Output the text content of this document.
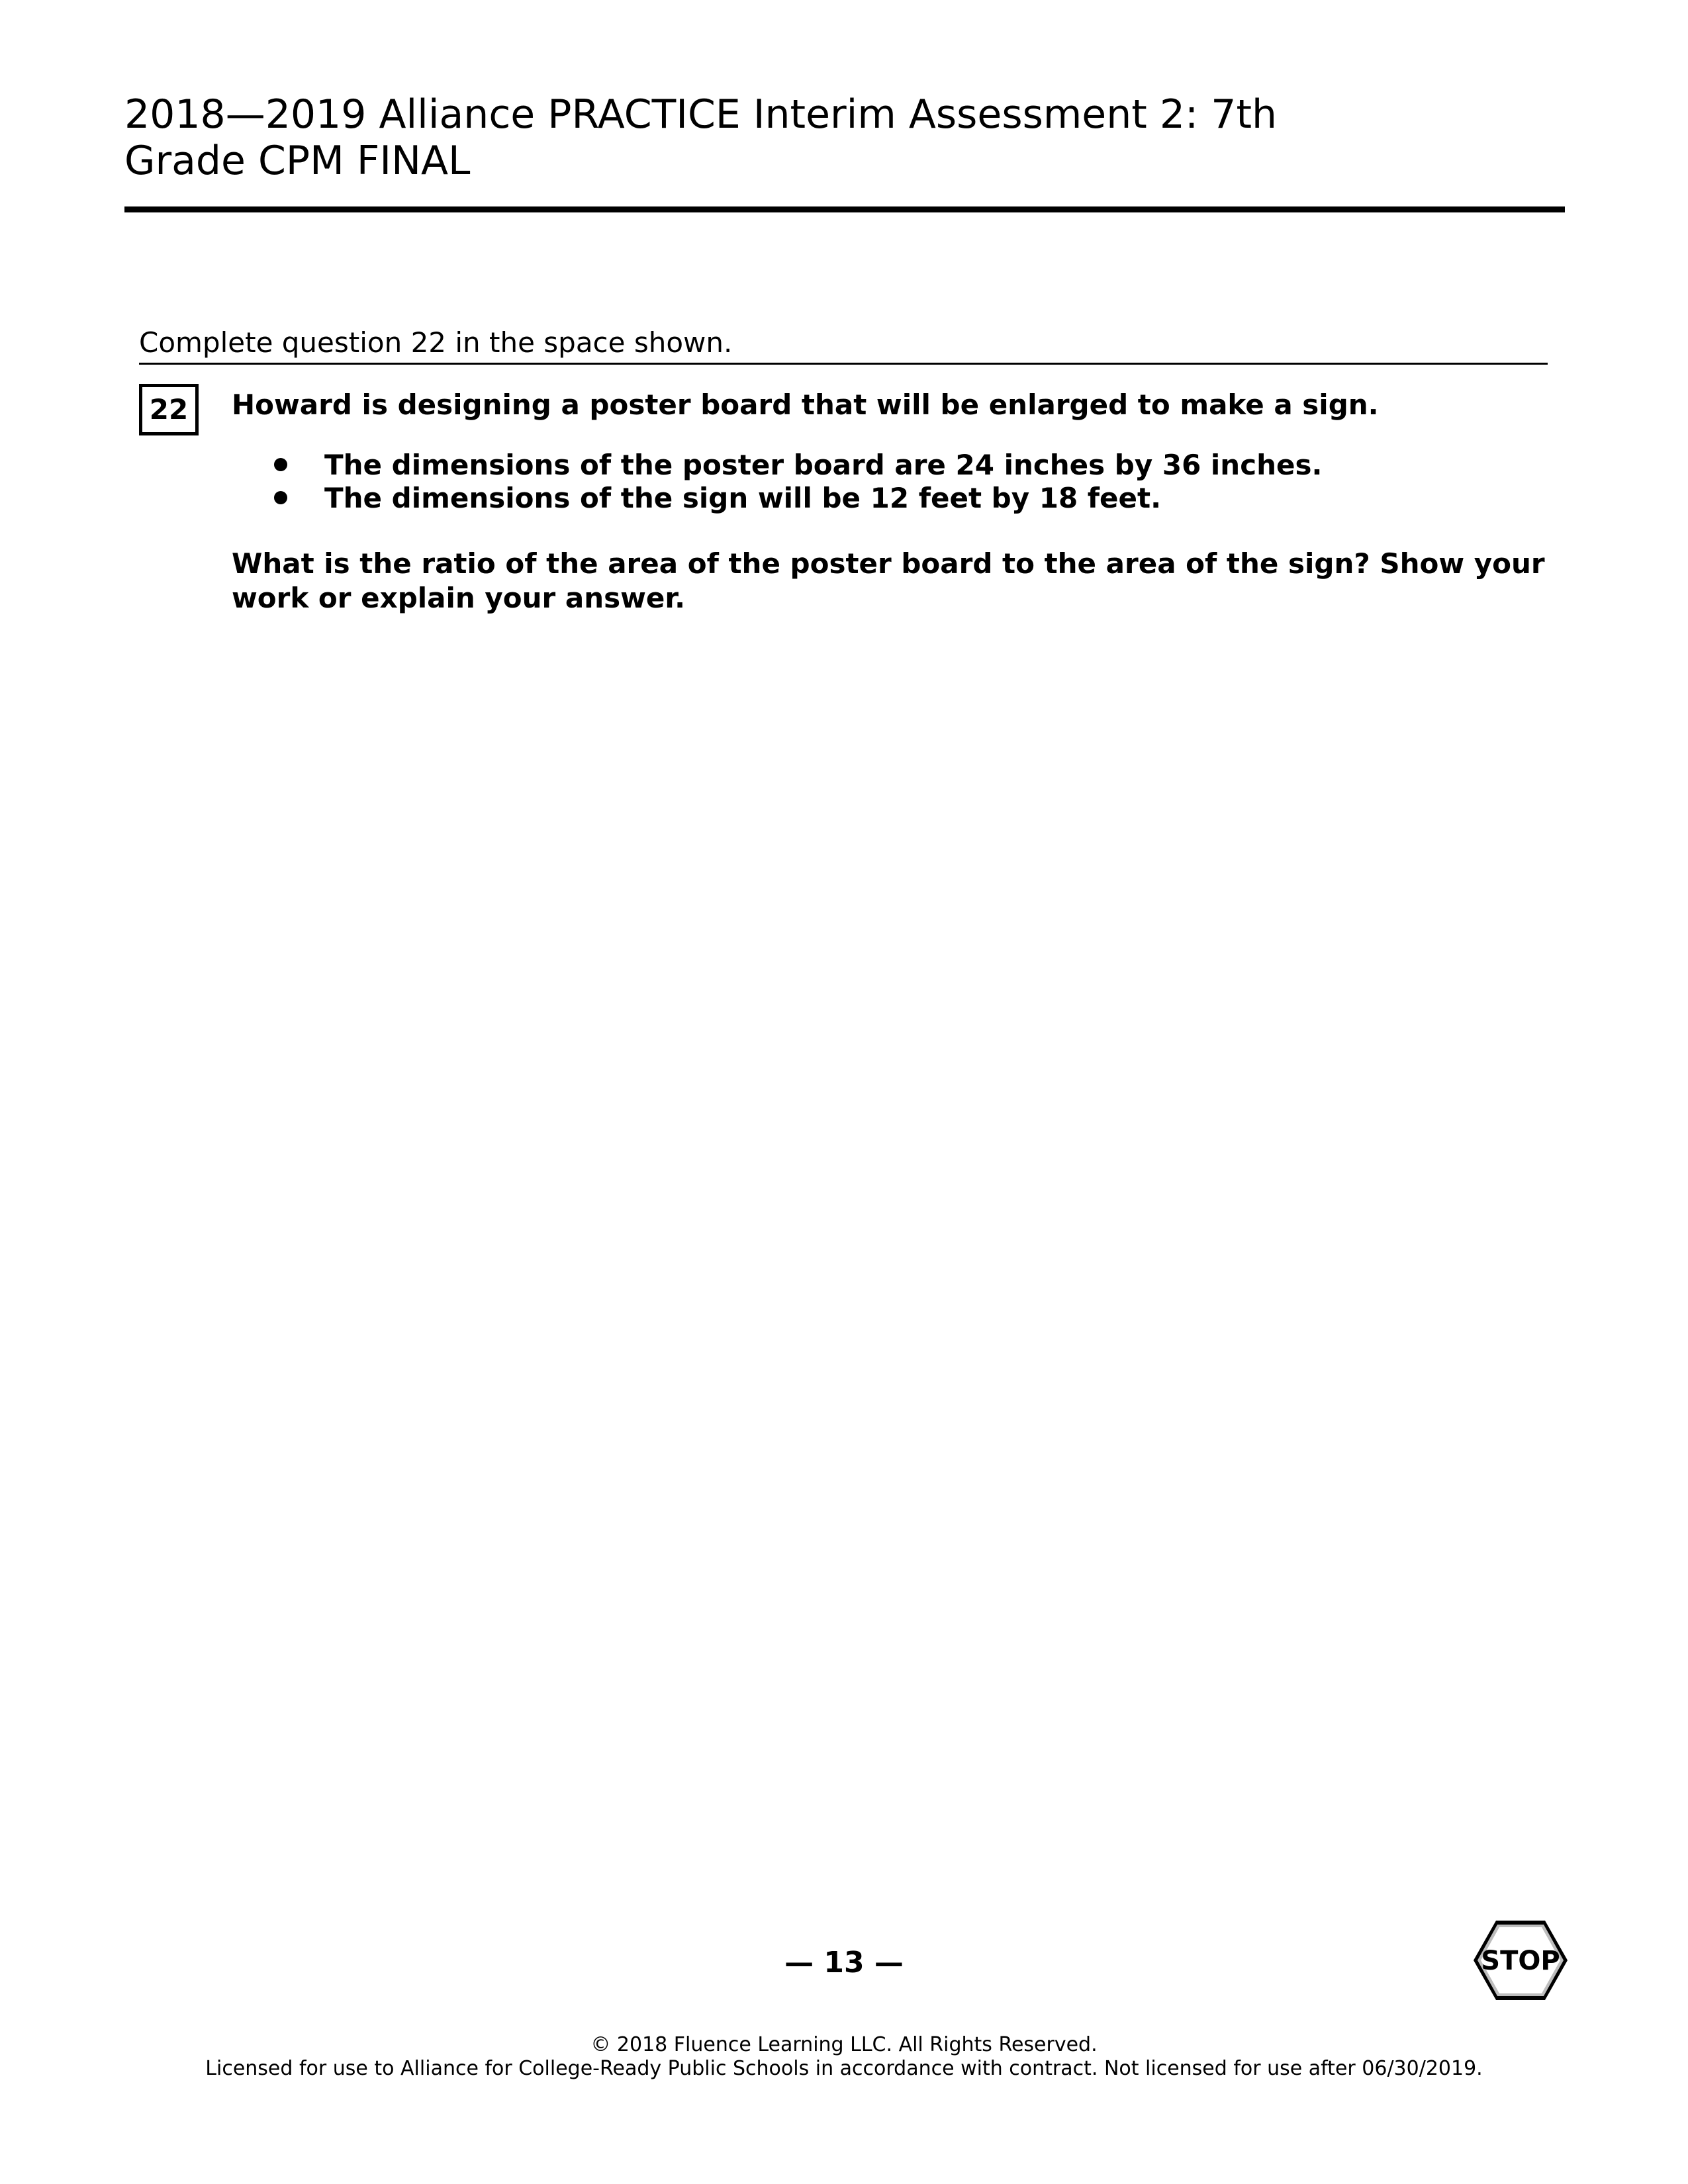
2018—2019 Alliance PRACTICE Interim Assessment 2: 7th
Grade CPM FINAL
Complete question 22 in the space shown.
22	Howard is designing a poster board that will be enlarged to make a sign.

The dimensions of the poster board are 24 inches by 36 inches.
The dimensions of the sign will be 12 feet by 18 feet.

What is the ratio of the area of the poster board to the area of the sign? Show your work or explain your answer.

— 13 —	STOP
© 2018 Fluence Learning LLC. All Rights Reserved.
Licensed for use to Alliance for College-Ready Public Schools in accordance with contract. Not licensed for use after 06/30/2019.
